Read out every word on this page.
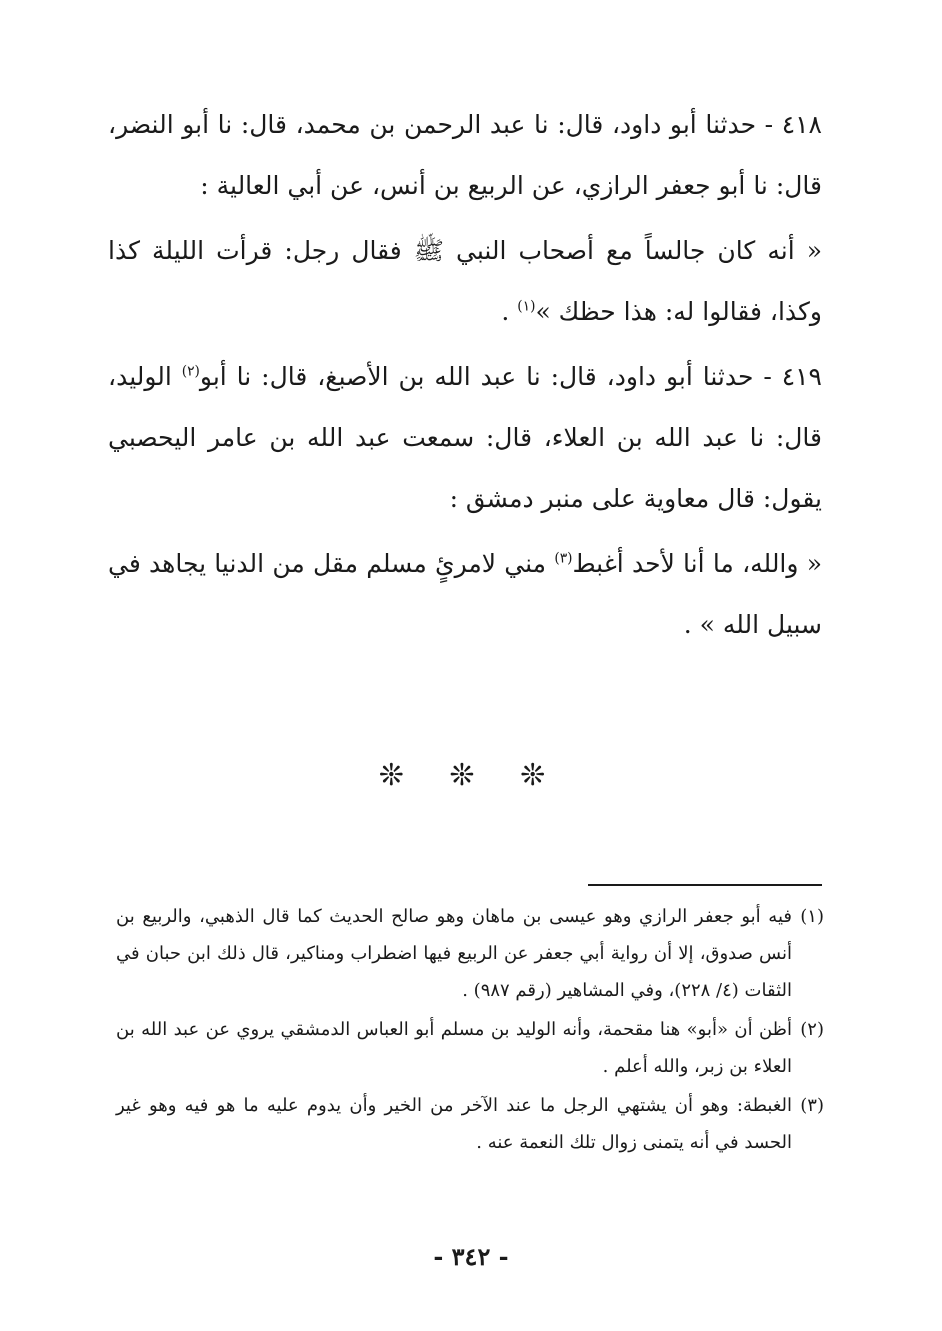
٤١٨ - حدثنا أبو داود، قال: نا عبد الرحمن بن محمد، قال: نا أبو النضر، قال: نا أبو جعفر الرازي، عن الربيع بن أنس، عن أبي العالية :

« أنه كان جالساً مع أصحاب النبي ﷺ فقال رجل: قرأت الليلة كذا وكذا، فقالوا له: هذا حظك »$^{(١)}$ .

٤١٩ - حدثنا أبو داود، قال: نا عبد الله بن الأصبغ، قال: نا أبو$^{(٢)}$ الوليد، قال: نا عبد الله بن العلاء، قال: سمعت عبد الله بن عامر اليحصبي يقول: قال معاوية على منبر دمشق :

« والله، ما أنا لأحد أغبط$^{(٣)}$ مني لامرئٍ مسلم مقل من الدنيا يجاهد في سبيل الله » .

❊ ❊ ❊
(١)
فيه أبو جعفر الرازي وهو عيسى بن ماهان وهو صالح الحديث كما قال الذهبي، والربيع بن أنس صدوق، إلا أن رواية أبي جعفر عن الربيع فيها اضطراب ومناكير، قال ذلك ابن حبان في الثقات (٤/ ٢٢٨)، وفي المشاهير (رقم ٩٨٧) .
(٢)
أظن أن «أبو» هنا مقحمة، وأنه الوليد بن مسلم أبو العباس الدمشقي يروي عن عبد الله بن العلاء بن زبر، والله أعلم .
(٣)
الغبطة: وهو أن يشتهي الرجل ما عند الآخر من الخير وأن يدوم عليه ما هو فيه وهو غير الحسد في أنه يتمنى زوال تلك النعمة عنه .
- ٣٤٢ -
